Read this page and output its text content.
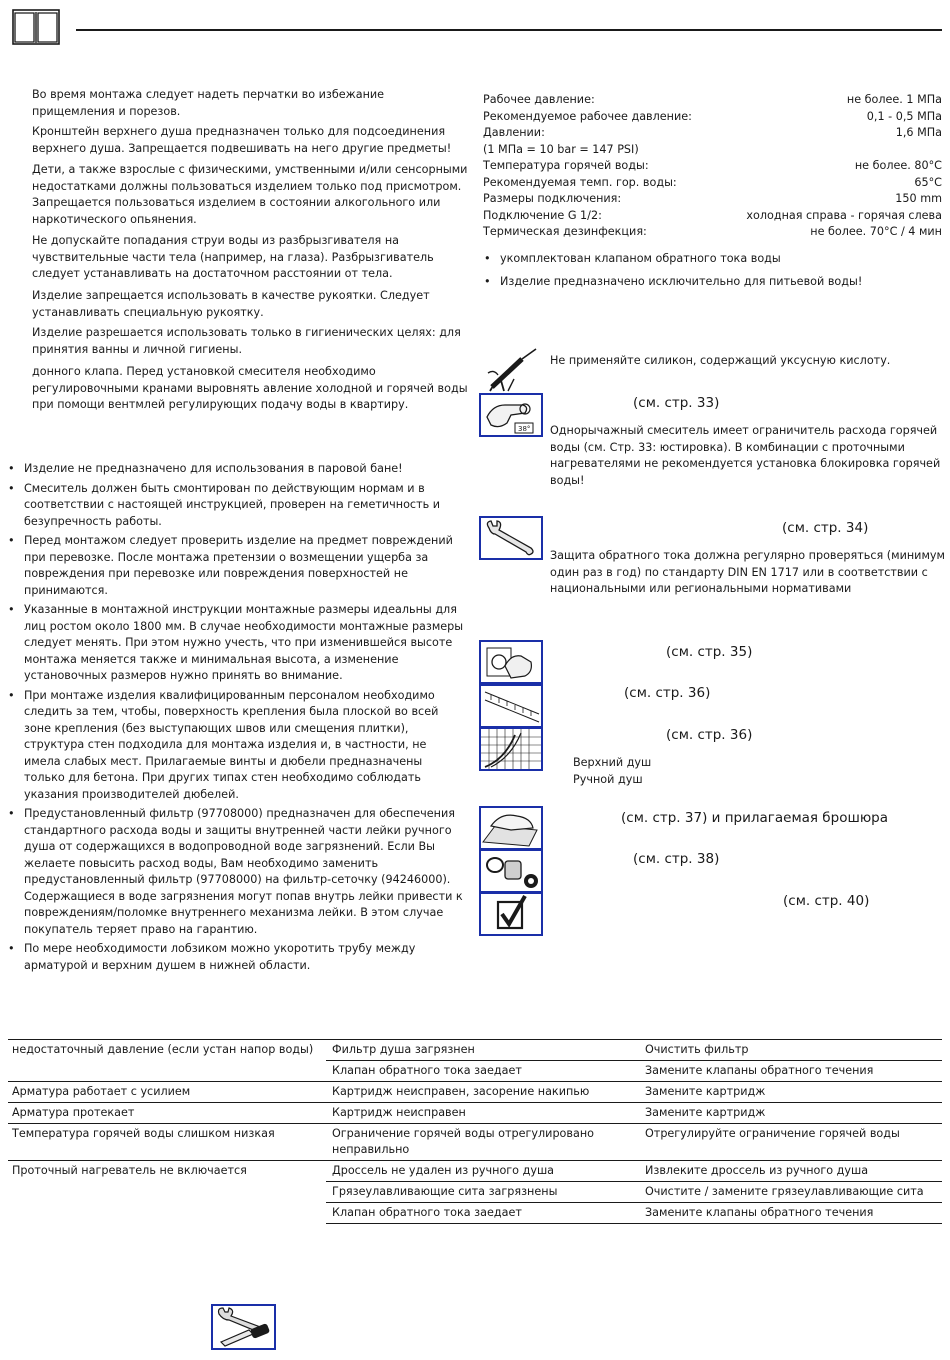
Во время монтажа следует надеть перчатки во избежание прищемления и порезов.

Кронштейн верхнего душа предназначен только для подсоединения верхнего душа. Запрещается подвешивать на него другие предметы!

Дети, а также взрослые с физическими, умственными и/или сенсорными недостатками должны пользоваться изделием только под присмотром. Запрещается пользоваться изделием в состоянии алкогольного или наркотического опьянения.

Не допускайте попадания струи воды из разбрызгивателя на чувствительные части тела (например, на глаза). Разбрызгиватель следует устанавливать на достаточном расстоянии от тела.

Изделие запрещается использовать в качестве рукоятки. Следует устанавливать специальную рукоятку.

Изделие разрешается использовать только в гигиенических целях: для принятия ванны и личной гигиены.

донного клапа. Перед установкой смесителя необходимо регулировочными кранами выровнять авление холодной и горячей воды при помощи вентмлей регулирующих подачу воды в квартиру.

• Изделие не предназначено для использования в паровой бане!
• Смеситель должен быть смонтирован по действующим нормам и в соответствии с настоящей инструкцией, проверен на геметичность и безупречность работы.
• Перед монтажом следует проверить изделие на предмет повреждений при перевозке. После монтажа претензии о возмещении ущерба за повреждения при перевозке или повреждения поверхностей не принимаются.
• Указанные в монтажной инструкции монтажные размеры идеальны для лиц ростом около 1800 мм. В случае необходимости монтажные размеры следует менять. При этом нужно учесть, что при изменившейся высоте монтажа меняется также и минимальная высота, а изменение установочных размеров нужно принять во внимание.
• При монтаже изделия квалифицированным персоналом необходимо следить за тем, чтобы, поверхность крепления была плоской во всей зоне крепления (без выступающих швов или смещения плитки), структура стен подходила для монтажа изделия и, в частности, не имела слабых мест. Прилагаемые винты и дюбели предназначены только для бетона. При других типах стен необходимо соблюдать указания производителей дюбелей.
• Предустановленный фильтр (97708000) предназначен для обеспечения стандартного расхода воды и защиты внутренней части лейки ручного душа от содержащихся в водопроводной воде загрязнений. Если Вы желаете повысить расход воды, Вам необходимо заменить предустановленный фильтр (97708000) на фильтр-сеточку (94246000). Содержащиеся в воде загрязнения могут попав внутрь лейки привести к повреждениям/поломке внутреннего механизма лейки. В этом случае покупатель теряет право на гарантию.
• По мере необходимости лобзиком можно укоротить трубу между арматурой и верхним душем в нижней области.
Рабочее давление:	не более. 1 МПа
Рекомендуемое рабочее давление:	0,1 - 0,5 МПа
Давлении:	1,6 МПа
(1 МПа = 10 bar = 147 PSI)
Температура горячей воды:	не более. 80°C
Рекомендуемая темп. гор. воды:	65°C
Размеры подключения:	150 mm
Подключение G 1/2:	холодная справа - горячая слева
Термическая дезинфекция:	не более. 70°C / 4 мин
• укомплектован клапаном обратного тока воды
• Изделие предназначено исключительно для питьевой воды!
Не применяйте силикон, содержащий уксусную кислоту.
38°
(см. стр. 33)
Однорычажный смеситель имеет ограничитель расхода горячей воды (см. Стр. 33: юстировка). В комбинации с проточными нагревателями не рекомендуется установка блокировка горячей воды!
(см. стр. 34)
Защита обратного тока должна регулярно проверяться (минимум один раз в год) по стандарту DIN EN 1717 или в соответствии с национальными или региональными нормативами
(см. стр. 35)
(см. стр. 36)
(см. стр. 36)
Верхний душ
Ручной душ
(см. стр. 37) и прилагаемая брошюра
(см. стр. 38)
(см. стр. 40)
недостаточный давление (если устан напор воды)	Фильтр душа загрязнен	Очистить фильтр
	Клапан обратного тока заедает	Замените клапаны обратного течения
Арматура работает с усилием	Картридж неисправен, засорение накипью	Замените картридж
Арматура протекает	Картридж неисправен	Замените картридж
Температура горячей воды слишком низкая	Ограничение горячей воды отрегулировано неправильно	Отрегулируйте ограничение горячей воды
Проточный нагреватель не включается	Дроссель не удален из ручного душа	Извлеките дроссель из ручного душа
	Грязеулавливающие сита загрязнены	Очистите / замените грязеулавливающие сита
	Клапан обратного тока заедает	Замените клапаны обратного течения
